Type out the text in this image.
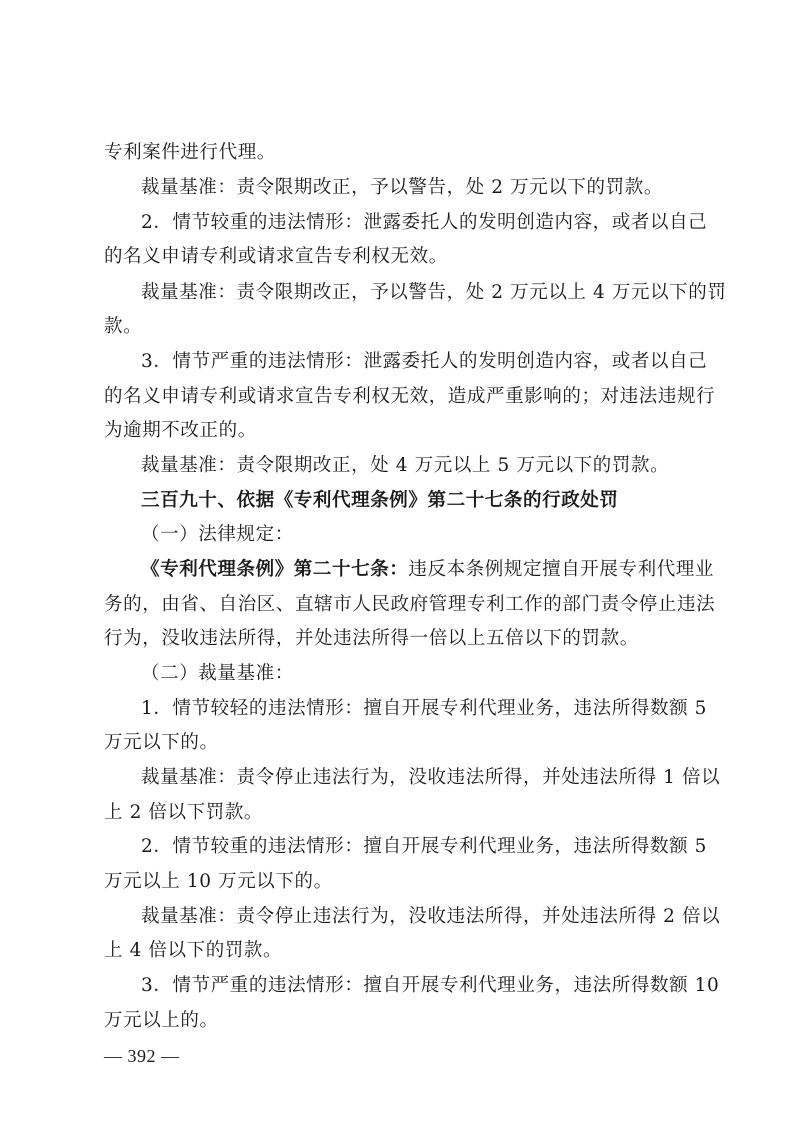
专利案件进行代理。
裁量基准：责令限期改正，予以警告，处 2 万元以下的罚款。
2．情节较重的违法情形：泄露委托人的发明创造内容，或者以自己
的名义申请专利或请求宣告专利权无效。
裁量基准：责令限期改正，予以警告，处 2 万元以上 4 万元以下的罚
款。
3．情节严重的违法情形：泄露委托人的发明创造内容，或者以自己
的名义申请专利或请求宣告专利权无效，造成严重影响的；对违法违规行
为逾期不改正的。
裁量基准：责令限期改正，处 4 万元以上 5 万元以下的罚款。
三百九十、依据《专利代理条例》第二十七条的行政处罚
（一）法律规定：
《专利代理条例》第二十七条：违反本条例规定擅自开展专利代理业
务的，由省、自治区、直辖市人民政府管理专利工作的部门责令停止违法
行为，没收违法所得，并处违法所得一倍以上五倍以下的罚款。
（二）裁量基准：
1．情节较轻的违法情形：擅自开展专利代理业务，违法所得数额 5
万元以下的。
裁量基准：责令停止违法行为，没收违法所得，并处违法所得 1 倍以
上 2 倍以下罚款。
2．情节较重的违法情形：擅自开展专利代理业务，违法所得数额 5
万元以上 10 万元以下的。
裁量基准：责令停止违法行为，没收违法所得，并处违法所得 2 倍以
上 4 倍以下的罚款。
3．情节严重的违法情形：擅自开展专利代理业务，违法所得数额 10
万元以上的。
— 392 —
